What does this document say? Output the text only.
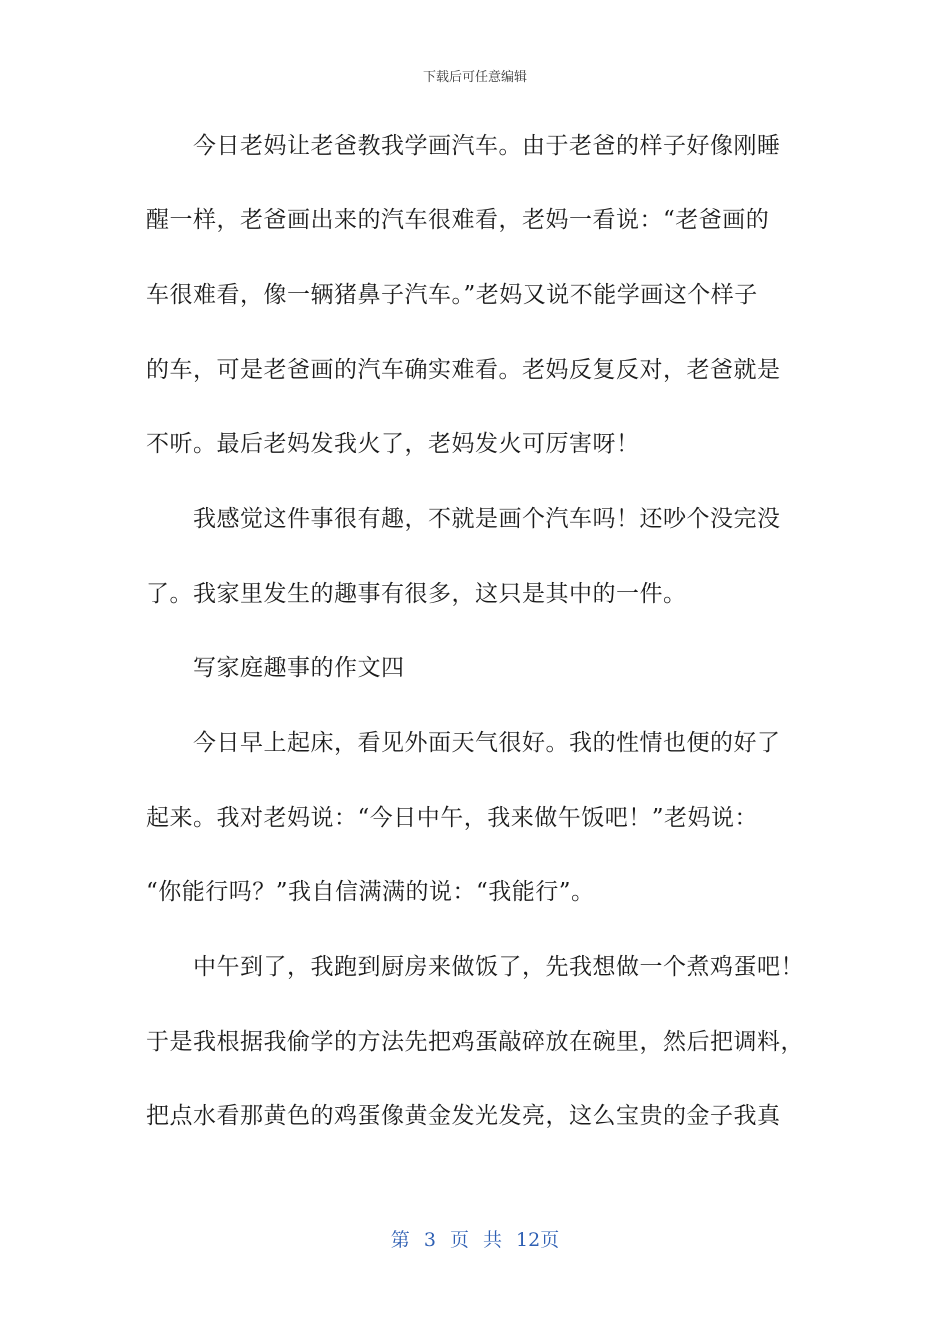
下载后可任意编辑
今日老妈让老爸教我学画汽车。由于老爸的样子好像刚睡
醒一样，老爸画出来的汽车很难看，老妈一看说：“老爸画的
车很难看，像一辆猪鼻子汽车。”老妈又说不能学画这个样子
的车，可是老爸画的汽车确实难看。老妈反复反对，老爸就是
不听。最后老妈发我火了，老妈发火可厉害呀！
我感觉这件事很有趣，不就是画个汽车吗！还吵个没完没
了。我家里发生的趣事有很多，这只是其中的一件。
写家庭趣事的作文四
今日早上起床，看见外面天气很好。我的性情也便的好了
起来。我对老妈说：“今日中午，我来做午饭吧！”老妈说：
“你能行吗？”我自信满满的说：“我能行”。
中午到了，我跑到厨房来做饭了，先我想做一个煮鸡蛋吧！
于是我根据我偷学的方法先把鸡蛋敲碎放在碗里，然后把调料，
把点水看那黄色的鸡蛋像黄金发光发亮，这么宝贵的金子我真
第 3 页 共 12页
